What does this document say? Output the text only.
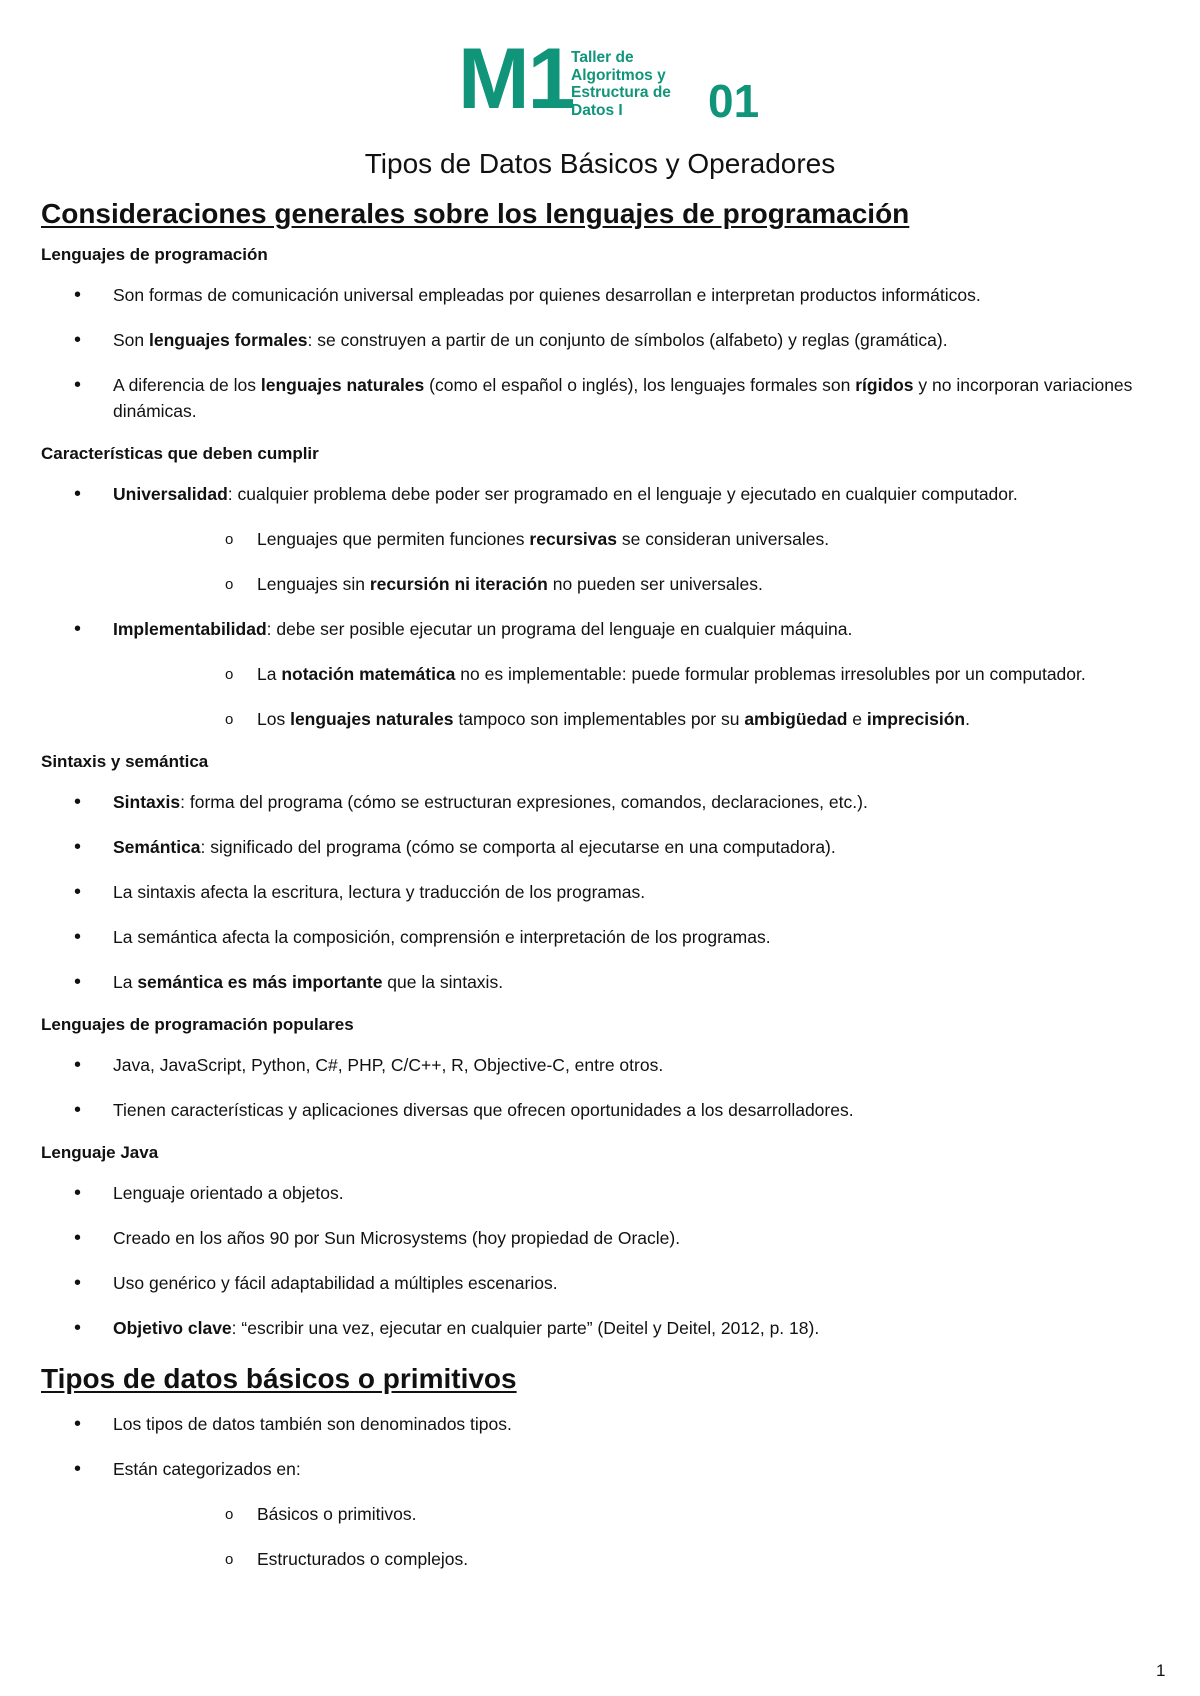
M1
Taller de
Algoritmos y
Estructura de
Datos I	01
Tipos de Datos Básicos y Operadores
Consideraciones generales sobre los lenguajes de programación
Lenguajes de programación
• Son formas de comunicación universal empleadas por quienes desarrollan e interpretan productos informáticos.
• Son lenguajes formales: se construyen a partir de un conjunto de símbolos (alfabeto) y reglas (gramática).
• A diferencia de los lenguajes naturales (como el español o inglés), los lenguajes formales son rígidos y no incorporan variaciones dinámicas.
Características que deben cumplir
• Universalidad: cualquier problema debe poder ser programado en el lenguaje y ejecutado en cualquier computador.
o Lenguajes que permiten funciones recursivas se consideran universales.
o Lenguajes sin recursión ni iteración no pueden ser universales.
• Implementabilidad: debe ser posible ejecutar un programa del lenguaje en cualquier máquina.
o La notación matemática no es implementable: puede formular problemas irresolubles por un computador.
o Los lenguajes naturales tampoco son implementables por su ambigüedad e imprecisión.
Sintaxis y semántica
• Sintaxis: forma del programa (cómo se estructuran expresiones, comandos, declaraciones, etc.).
• Semántica: significado del programa (cómo se comporta al ejecutarse en una computadora).
• La sintaxis afecta la escritura, lectura y traducción de los programas.
• La semántica afecta la composición, comprensión e interpretación de los programas.
• La semántica es más importante que la sintaxis.
Lenguajes de programación populares
• Java, JavaScript, Python, C#, PHP, C/C++, R, Objective-C, entre otros.
• Tienen características y aplicaciones diversas que ofrecen oportunidades a los desarrolladores.
Lenguaje Java
• Lenguaje orientado a objetos.
• Creado en los años 90 por Sun Microsystems (hoy propiedad de Oracle).
• Uso genérico y fácil adaptabilidad a múltiples escenarios.
• Objetivo clave: “escribir una vez, ejecutar en cualquier parte” (Deitel y Deitel, 2012, p. 18).
Tipos de datos básicos o primitivos
• Los tipos de datos también son denominados tipos.
• Están categorizados en:
o Básicos o primitivos.
o Estructurados o complejos.
1
